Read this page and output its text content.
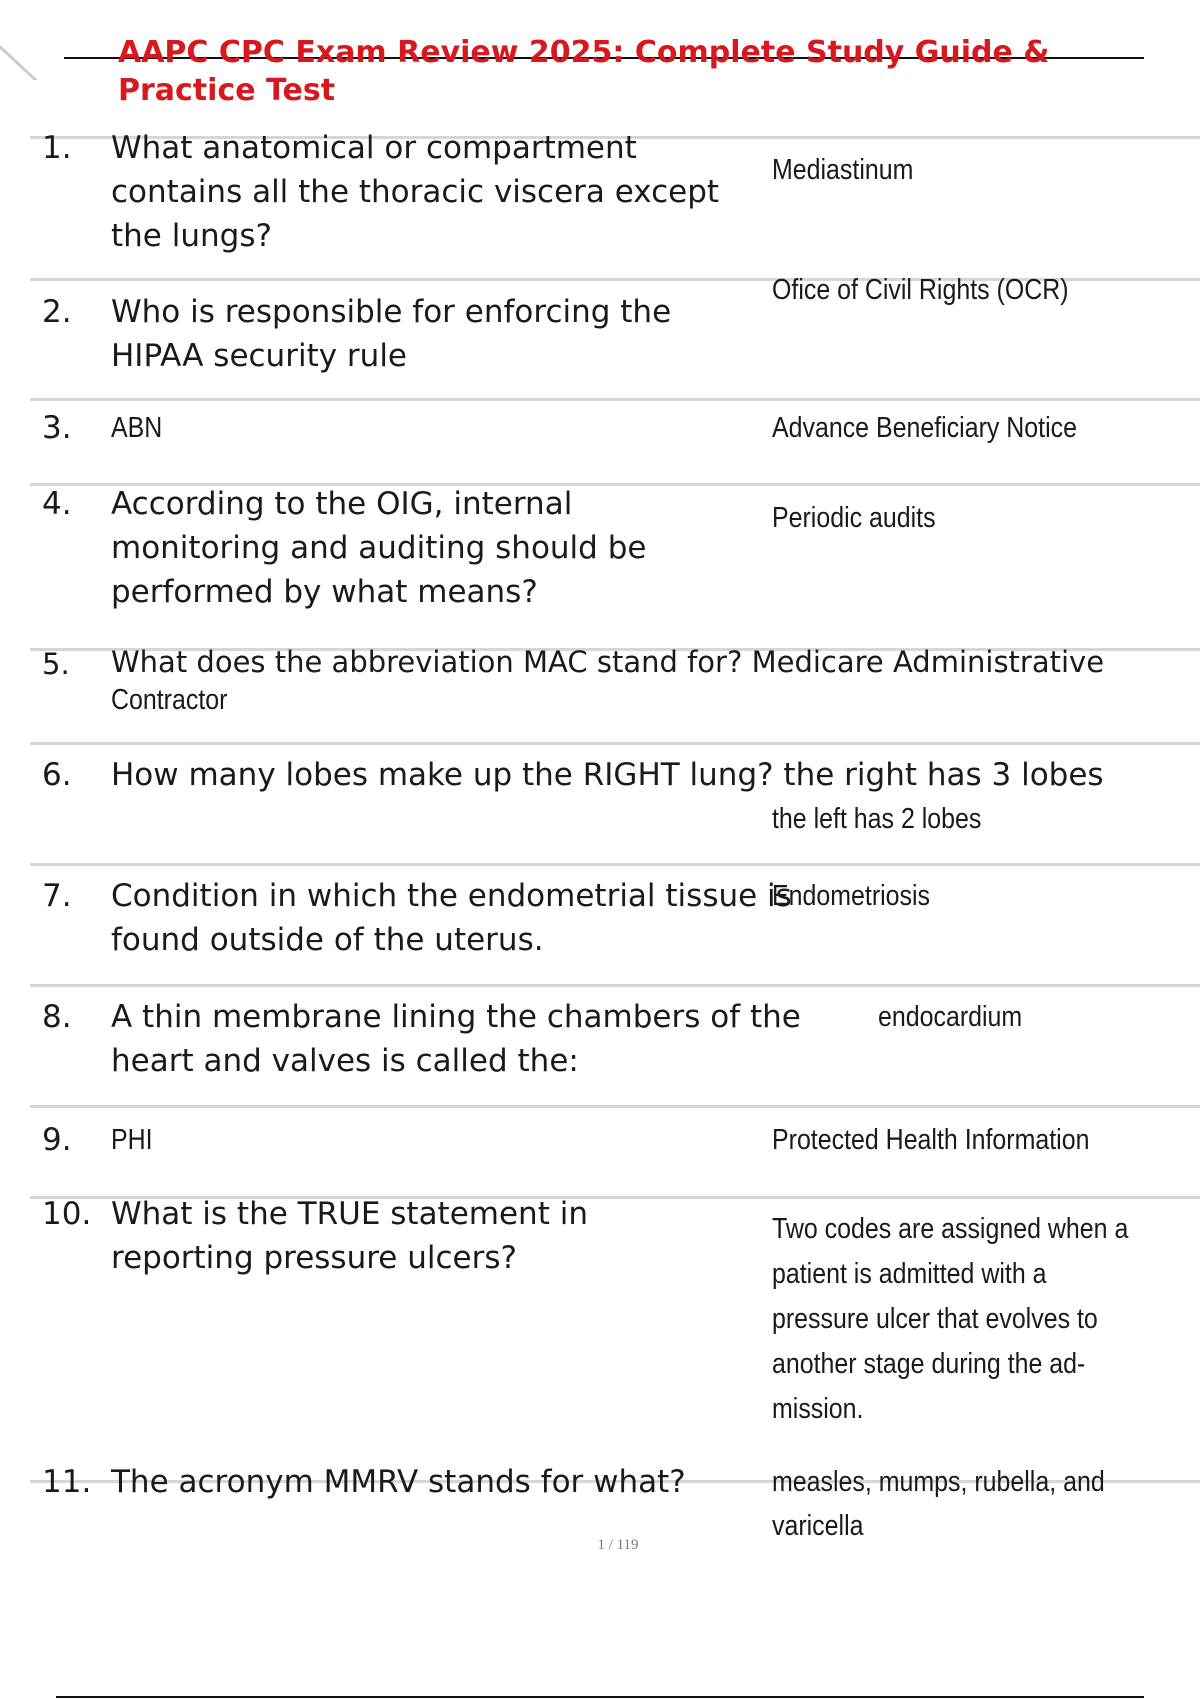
AAPC CPC Exam Review 2025: Complete Study Guide &
Practice Test
1. What anatomical or compartment contains all the thoracic viscera except the lungs?
Mediastinum
2. Who is responsible for enforcing the HIPAA security rule
Ofice of Civil Rights (OCR)
3. ABN	Advance Beneficiary Notice
4. According to the OIG, internal monitoring and auditing should be performed by what means?
Periodic audits
5. What does the abbreviation MAC stand for? Medicare Administrative
Contractor
6. How many lobes make up the RIGHT lung? the right has 3 lobes
the left has 2 lobes
7. Condition in which the endometrial tissue is found outside of the uterus.
Endometriosis
8. A thin membrane lining the chambers of the heart and valves is called the:
endocardium
9. PHI	Protected Health Information
10. What is the TRUE statement in reporting pressure ulcers?
Two codes are assigned when a patient is admitted with a pressure ulcer that evolves to another stage during the ad-mission.
11. The acronym MMRV stands for what?	measles, mumps, rubella, and varicella
1 / 119
